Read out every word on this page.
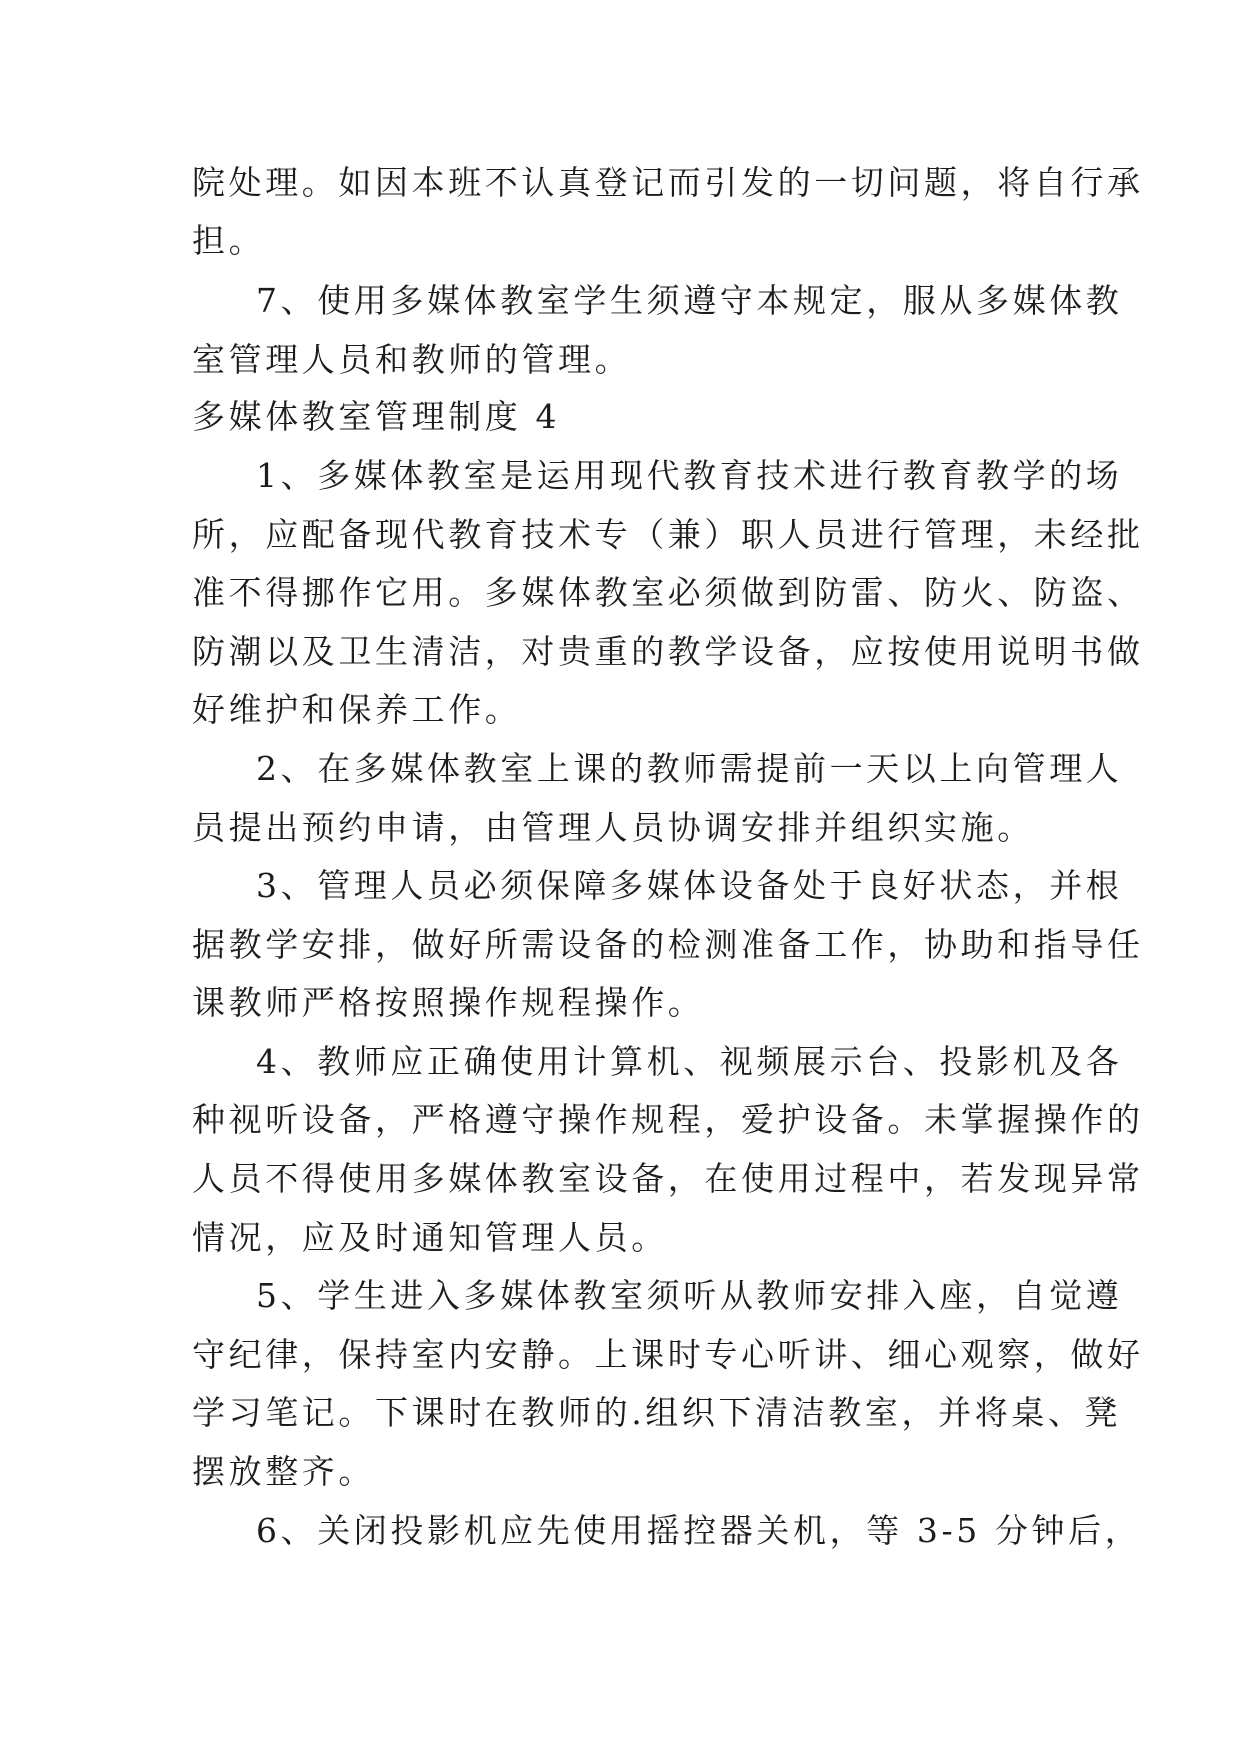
院处理。如因本班不认真登记而引发的一切问题，将自行承

担。

7、使用多媒体教室学生须遵守本规定，服从多媒体教

室管理人员和教师的管理。

多媒体教室管理制度 4

1、多媒体教室是运用现代教育技术进行教育教学的场

所，应配备现代教育技术专（兼）职人员进行管理，未经批

准不得挪作它用。多媒体教室必须做到防雷、防火、防盗、

防潮以及卫生清洁，对贵重的教学设备，应按使用说明书做

好维护和保养工作。

2、在多媒体教室上课的教师需提前一天以上向管理人

员提出预约申请，由管理人员协调安排并组织实施。

3、管理人员必须保障多媒体设备处于良好状态，并根

据教学安排，做好所需设备的检测准备工作，协助和指导任

课教师严格按照操作规程操作。

4、教师应正确使用计算机、视频展示台、投影机及各

种视听设备，严格遵守操作规程，爱护设备。未掌握操作的

人员不得使用多媒体教室设备，在使用过程中，若发现异常

情况，应及时通知管理人员。

5、学生进入多媒体教室须听从教师安排入座，自觉遵

守纪律，保持室内安静。上课时专心听讲、细心观察，做好

学习笔记。下课时在教师的.组织下清洁教室，并将桌、凳

摆放整齐。

6、关闭投影机应先使用摇控器关机，等 3-5 分钟后，
